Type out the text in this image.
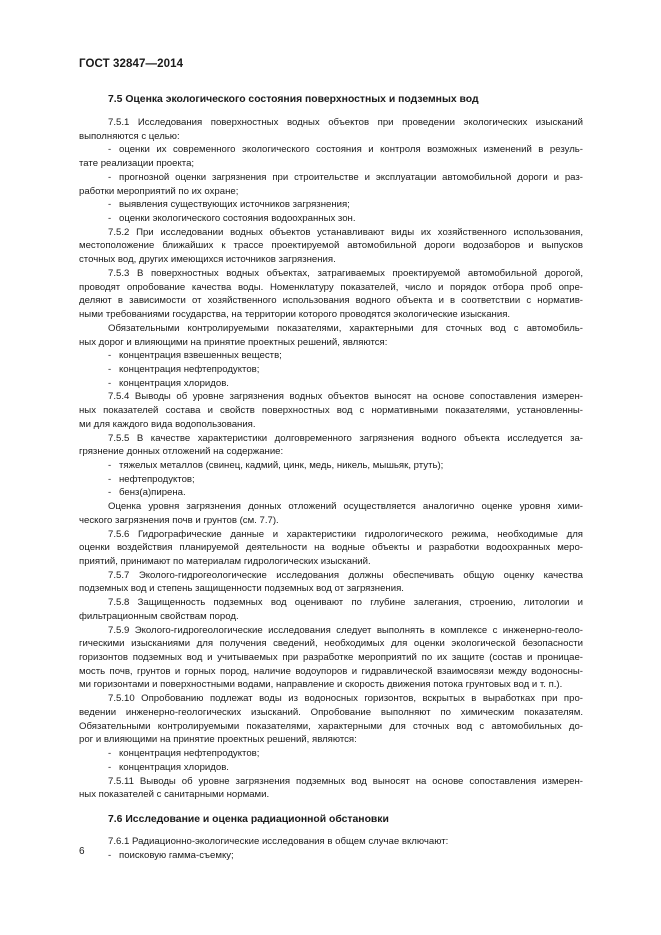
ГОСТ 32847—2014
7.5 Оценка экологического состояния поверхностных и подземных вод
7.5.1 Исследования поверхностных водных объектов при проведении экологических изысканий
выполняются с целью:
- оценки их современного экологического состояния и контроля возможных изменений в резуль-
тате реализации проекта;
- прогнозной оценки загрязнения при строительстве и эксплуатации автомобильной дороги и раз-
работки мероприятий по их охране;
- выявления существующих источников загрязнения;
- оценки экологического состояния водоохранных зон.
7.5.2 При исследовании водных объектов устанавливают виды их хозяйственного использования,
местоположение ближайших к трассе проектируемой автомобильной дороги водозаборов и выпусков
сточных вод, других имеющихся источников загрязнения.
7.5.3 В поверхностных водных объектах, затрагиваемых проектируемой автомобильной дорогой,
проводят опробование качества воды. Номенклатуру показателей, число и порядок отбора проб опре-
деляют в зависимости от хозяйственного использования водного объекта и в соответствии с норматив-
ными требованиями государства, на территории которого проводятся экологические изыскания.
Обязательными контролируемыми показателями, характерными для сточных вод с автомобиль-
ных дорог и влияющими на принятие проектных решений, являются:
- концентрация взвешенных веществ;
- концентрация нефтепродуктов;
- концентрация хлоридов.
7.5.4 Выводы об уровне загрязнения водных объектов выносят на основе сопоставления измерен-
ных показателей состава и свойств поверхностных вод с нормативными показателями, установленны-
ми для каждого вида водопользования.
7.5.5 В качестве характеристики долговременного загрязнения водного объекта исследуется за-
грязнение донных отложений на содержание:
- тяжелых металлов (свинец, кадмий, цинк, медь, никель, мышьяк, ртуть);
- нефтепродуктов;
- бенз(а)пирена.
Оценка уровня загрязнения донных отложений осуществляется аналогично оценке уровня хими-
ческого загрязнения почв и грунтов (см. 7.7).
7.5.6 Гидрографические данные и характеристики гидрологического режима, необходимые для
оценки воздействия планируемой деятельности на водные объекты и разработки водоохранных меро-
приятий, принимают по материалам гидрологических изысканий.
7.5.7 Эколого-гидрогеологические исследования должны обеспечивать общую оценку качества
подземных вод и степень защищенности подземных вод от загрязнения.
7.5.8 Защищенность подземных вод оценивают по глубине залегания, строению, литологии и
фильтрационным свойствам пород.
7.5.9 Эколого-гидрогеологические исследования следует выполнять в комплексе с инженерно-геоло-
гическими изысканиями для получения сведений, необходимых для оценки экологической безопасности
горизонтов подземных вод и учитываемых при разработке мероприятий по их защите (состав и проницае-
мость почв, грунтов и горных пород, наличие водоупоров и гидравлической взаимосвязи между водоносны-
ми горизонтами и поверхностными водами, направление и скорость движения потока грунтовых вод и т. п.).
7.5.10 Опробованию подлежат воды из водоносных горизонтов, вскрытых в выработках при про-
ведении инженерно-геологических изысканий. Опробование выполняют по химическим показателям.
Обязательными контролируемыми показателями, характерными для сточных вод с автомобильных до-
рог и влияющими на принятие проектных решений, являются:
- концентрация нефтепродуктов;
- концентрация хлоридов.
7.5.11 Выводы об уровне загрязнения подземных вод выносят на основе сопоставления измерен-
ных показателей с санитарными нормами.
7.6 Исследование и оценка радиационной обстановки
7.6.1 Радиационно-экологические исследования в общем случае включают:
- поисковую гамма-съемку;
6
